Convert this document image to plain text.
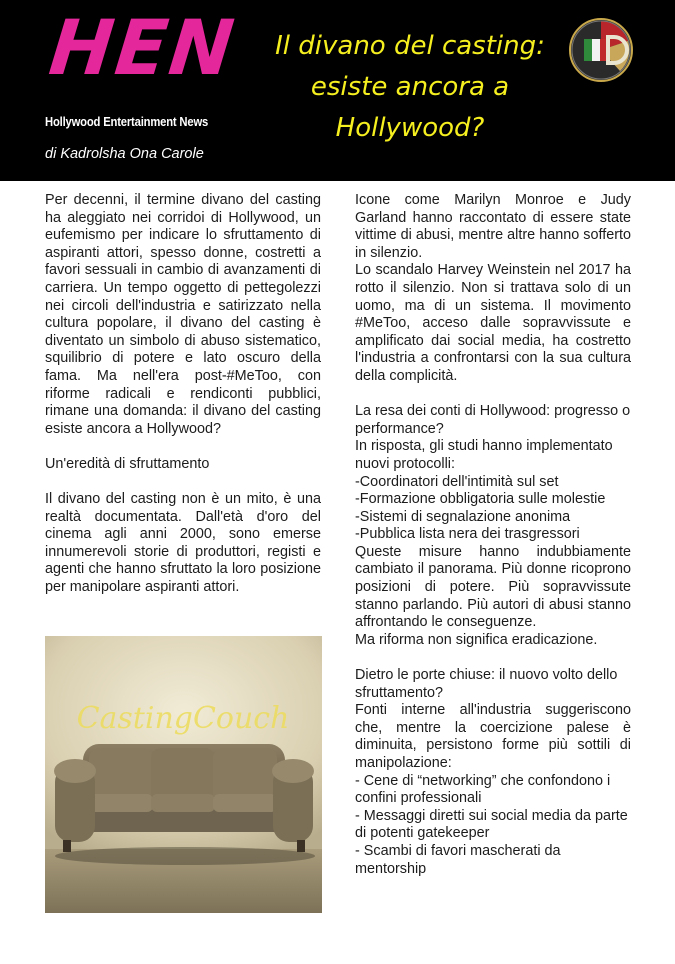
HEN
Hollywood Entertainment News
di Kadrolsha Ona Carole
Il divano del casting:
esiste ancora a
Hollywood?

Per decenni, il termine divano del casting ha aleggiato nei corridoi di Hollywood, un eufemismo per indicare lo sfruttamento di aspiranti attori, spesso donne, costretti a favori sessuali in cambio di avanzamenti di carriera. Un tempo oggetto di pettegolezzi nei circoli dell'industria e satirizzato nella cultura popolare, il divano del casting è diventato un simbolo di abuso sistematico, squilibrio di potere e lato oscuro della fama. Ma nell'era post-#MeToo, con riforme radicali e rendiconti pubblici, rimane una domanda: il divano del casting esiste ancora a Hollywood?

Un'eredità di sfruttamento

Il divano del casting non è un mito, è una realtà documentata. Dall'età d'oro del cinema agli anni 2000, sono emerse innumerevoli storie di produttori, registi e agenti che hanno sfruttato la loro posizione per manipolare aspiranti attori.

CastingCouch

Icone come Marilyn Monroe e Judy Garland hanno raccontato di essere state vittime di abusi, mentre altre hanno sofferto in silenzio.

Lo scandalo Harvey Weinstein nel 2017 ha rotto il silenzio. Non si trattava solo di un uomo, ma di un sistema. Il movimento #MeToo, acceso dalle sopravvissute e amplificato dai social media, ha costretto l'industria a confrontarsi con la sua cultura della complicità.

La resa dei conti di Hollywood: progresso o performance?

In risposta, gli studi hanno implementato nuovi protocolli:

-Coordinatori dell'intimità sul set

-Formazione obbligatoria sulle molestie

-Sistemi di segnalazione anonima

-Pubblica lista nera dei trasgressori

Queste misure hanno indubbiamente cambiato il panorama. Più donne ricoprono posizioni di potere. Più sopravvissute stanno parlando. Più autori di abusi stanno affrontando le conseguenze.

Ma riforma non significa eradicazione.

Dietro le porte chiuse: il nuovo volto dello sfruttamento?

Fonti interne all'industria suggeriscono che, mentre la coercizione palese è diminuita, persistono forme più sottili di manipolazione:

- Cene di “networking” che confondono i confini professionali

- Messaggi diretti sui social media da parte di potenti gatekeeper

- Scambi di favori mascherati da mentorship
